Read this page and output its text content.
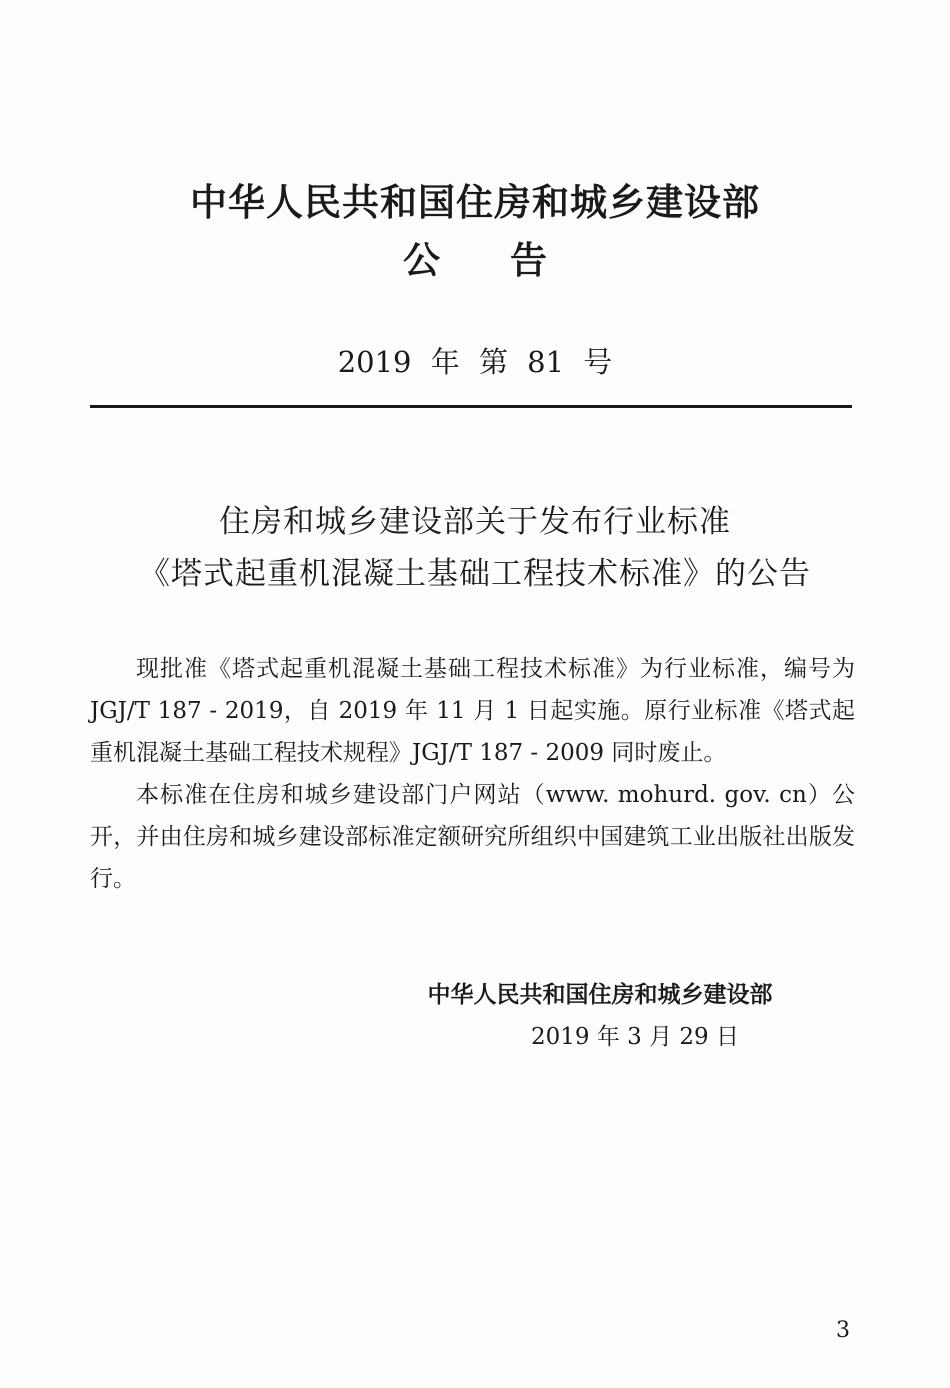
中华人民共和国住房和城乡建设部
公告
2019 年 第 81 号
住房和城乡建设部关于发布行业标准
《塔式起重机混凝土基础工程技术标准》的公告

现批准《塔式起重机混凝土基础工程技术标准》为行业标准，编号为 JGJ/T 187 - 2019，自 2019 年 11 月 1 日起实施。原行业标准《塔式起重机混凝土基础工程技术规程》JGJ/T 187 - 2009 同时废止。

本标准在住房和城乡建设部门户网站（www. mohurd. gov. cn）公开，并由住房和城乡建设部标准定额研究所组织中国建筑工业出版社出版发行。

中华人民共和国住房和城乡建设部
2019 年 3 月 29 日
3
